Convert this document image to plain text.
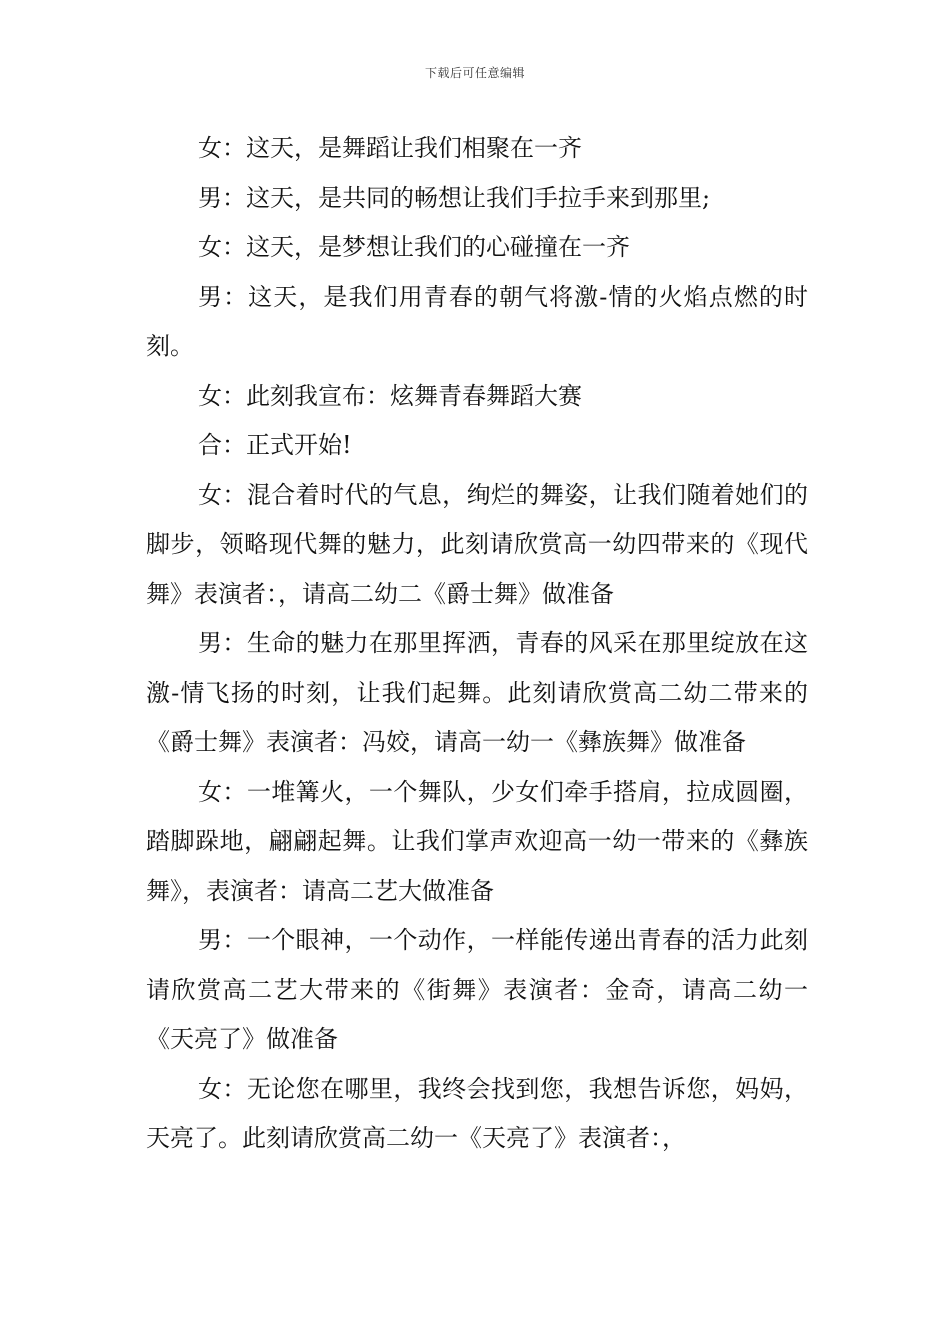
下载后可任意编辑

女：这天，是舞蹈让我们相聚在一齐

男：这天，是共同的畅想让我们手拉手来到那里;

女：这天，是梦想让我们的心碰撞在一齐

男：这天，是我们用青春的朝气将激-情的火焰点燃的时刻。

女：此刻我宣布：炫舞青春舞蹈大赛

合：正式开始!

女：混合着时代的气息，绚烂的舞姿，让我们随着她们的脚步，领略现代舞的魅力，此刻请欣赏高一幼四带来的《现代舞》表演者：，请高二幼二《爵士舞》做准备

男：生命的魅力在那里挥洒，青春的风采在那里绽放在这激-情飞扬的时刻，让我们起舞。此刻请欣赏高二幼二带来的《爵士舞》表演者：冯姣，请高一幼一《彝族舞》做准备

女：一堆篝火，一个舞队，少女们牵手搭肩，拉成圆圈，踏脚跺地，翩翩起舞。让我们掌声欢迎高一幼一带来的《彝族舞》，表演者：请高二艺大做准备

男：一个眼神，一个动作，一样能传递出青春的活力此刻请欣赏高二艺大带来的《街舞》表演者：金奇，请高二幼一《天亮了》做准备

女：无论您在哪里，我终会找到您，我想告诉您，妈妈，天亮了。此刻请欣赏高二幼一《天亮了》表演者：，
